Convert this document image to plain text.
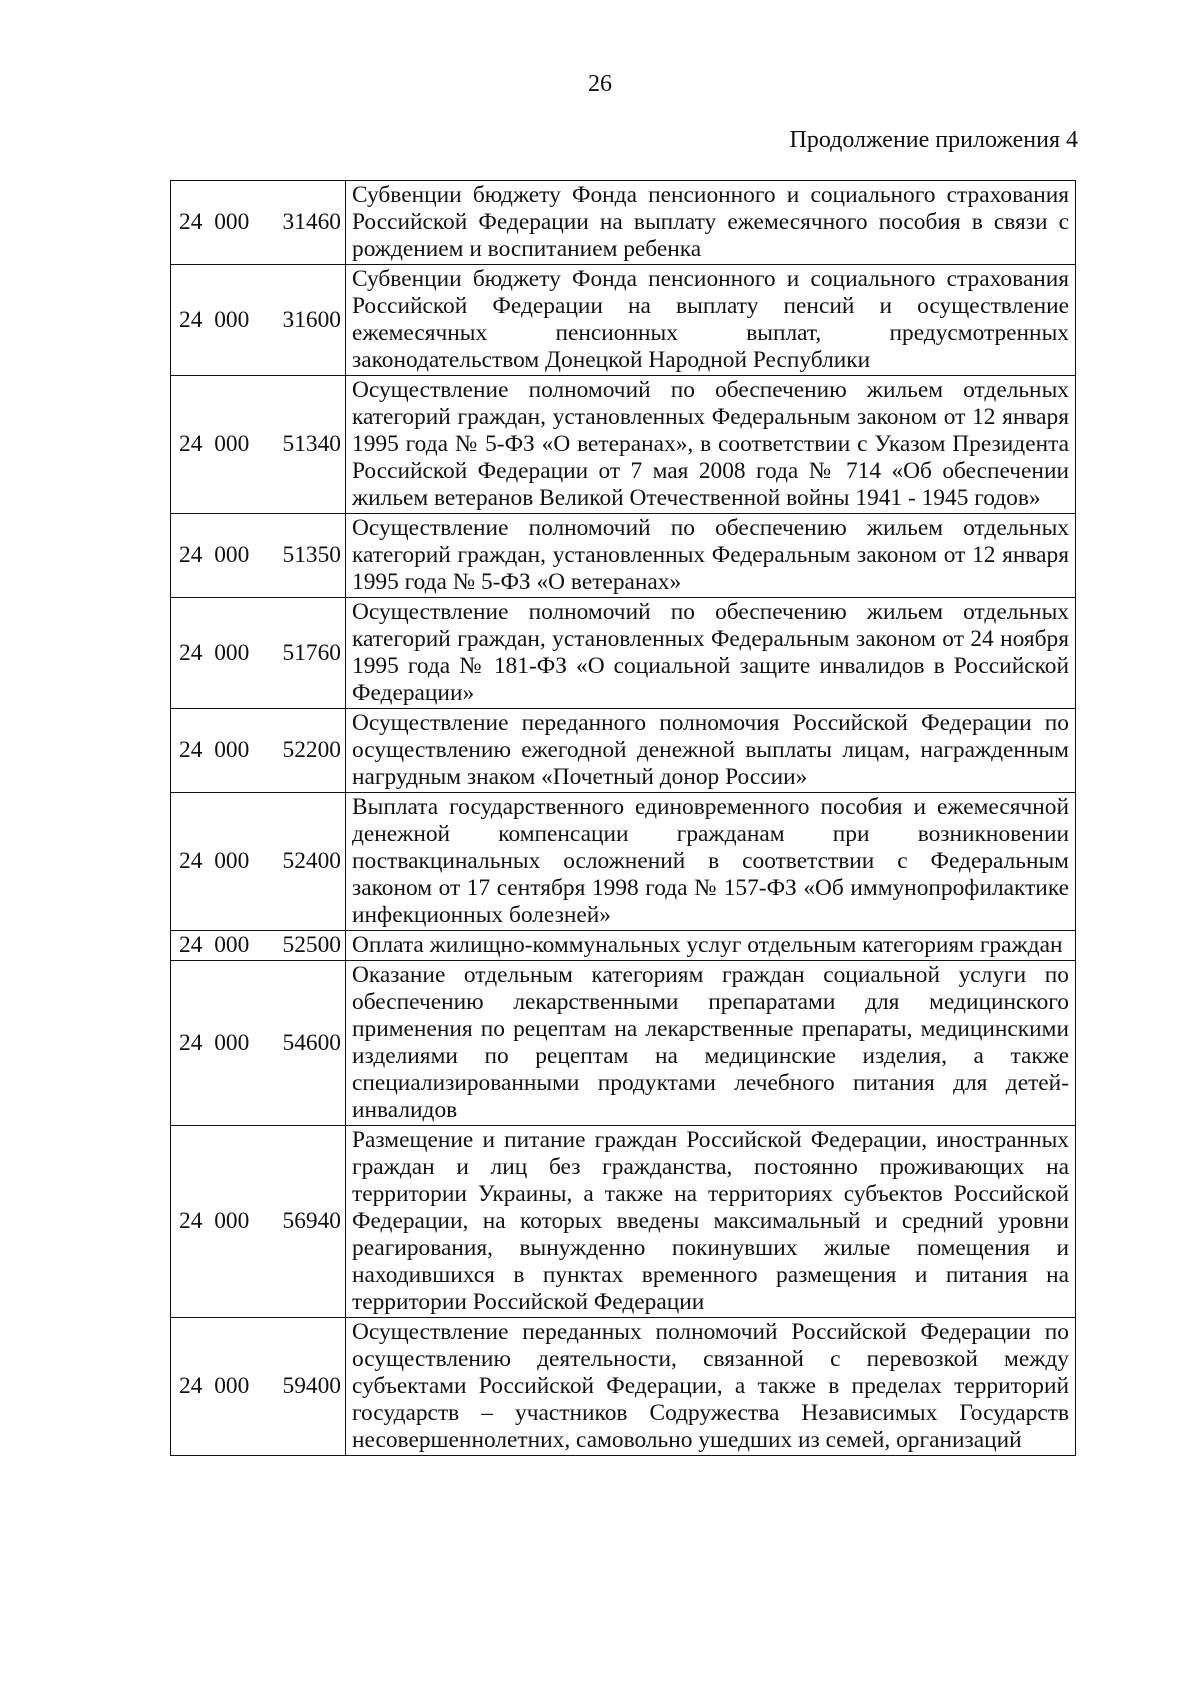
26
Продолжение приложения 4
24 000 31460	Субвенции бюджету Фонда пенсионного и социального страхования Российской Федерации на выплату ежемесячного пособия в связи с рождением и воспитанием ребенка

24 000 31600	Субвенции бюджету Фонда пенсионного и социального страхования Российской Федерации на выплату пенсий и осуществление ежемесячных пенсионных выплат, предусмотренных законодательством Донецкой Народной Республики

24 000 51340	Осуществление полномочий по обеспечению жильем отдельных категорий граждан, установленных Федеральным законом от 12 января 1995 года № 5-ФЗ «О ветеранах», в соответствии с Указом Президента Российской Федерации от 7 мая 2008 года № 714 «Об обеспечении жильем ветеранов Великой Отечественной войны 1941 - 1945 годов»

24 000 51350	Осуществление полномочий по обеспечению жильем отдельных категорий граждан, установленных Федеральным законом от 12 января 1995 года № 5-ФЗ «О ветеранах»

24 000 51760	Осуществление полномочий по обеспечению жильем отдельных категорий граждан, установленных Федеральным законом от 24 ноября 1995 года № 181-ФЗ «О социальной защите инвалидов в Российской Федерации»

24 000 52200	Осуществление переданного полномочия Российской Федерации по осуществлению ежегодной денежной выплаты лицам, награжденным нагрудным знаком «Почетный донор России»

24 000 52400	Выплата государственного единовременного пособия и ежемесячной денежной компенсации гражданам при возникновении поствакцинальных осложнений в соответствии с Федеральным законом от 17 сентября 1998 года № 157-ФЗ «Об иммунопрофилактике инфекционных болезней»

24 000 52500	Оплата жилищно-коммунальных услуг отдельным категориям граждан

24 000 54600	Оказание отдельным категориям граждан социальной услуги по обеспечению лекарственными препаратами для медицинского применения по рецептам на лекарственные препараты, медицинскими изделиями по рецептам на медицинские изделия, а также специализированными продуктами лечебного питания для детей-инвалидов

24 000 56940	Размещение и питание граждан Российской Федерации, иностранных граждан и лиц без гражданства, постоянно проживающих на территории Украины, а также на территориях субъектов Российской Федерации, на которых введены максимальный и средний уровни реагирования, вынужденно покинувших жилые помещения и находившихся в пунктах временного размещения и питания на территории Российской Федерации

24 000 59400	Осуществление переданных полномочий Российской Федерации по осуществлению деятельности, связанной с перевозкой между субъектами Российской Федерации, а также в пределах территорий государств – участников Содружества Независимых Государств несовершеннолетних, самовольно ушедших из семей, организаций
